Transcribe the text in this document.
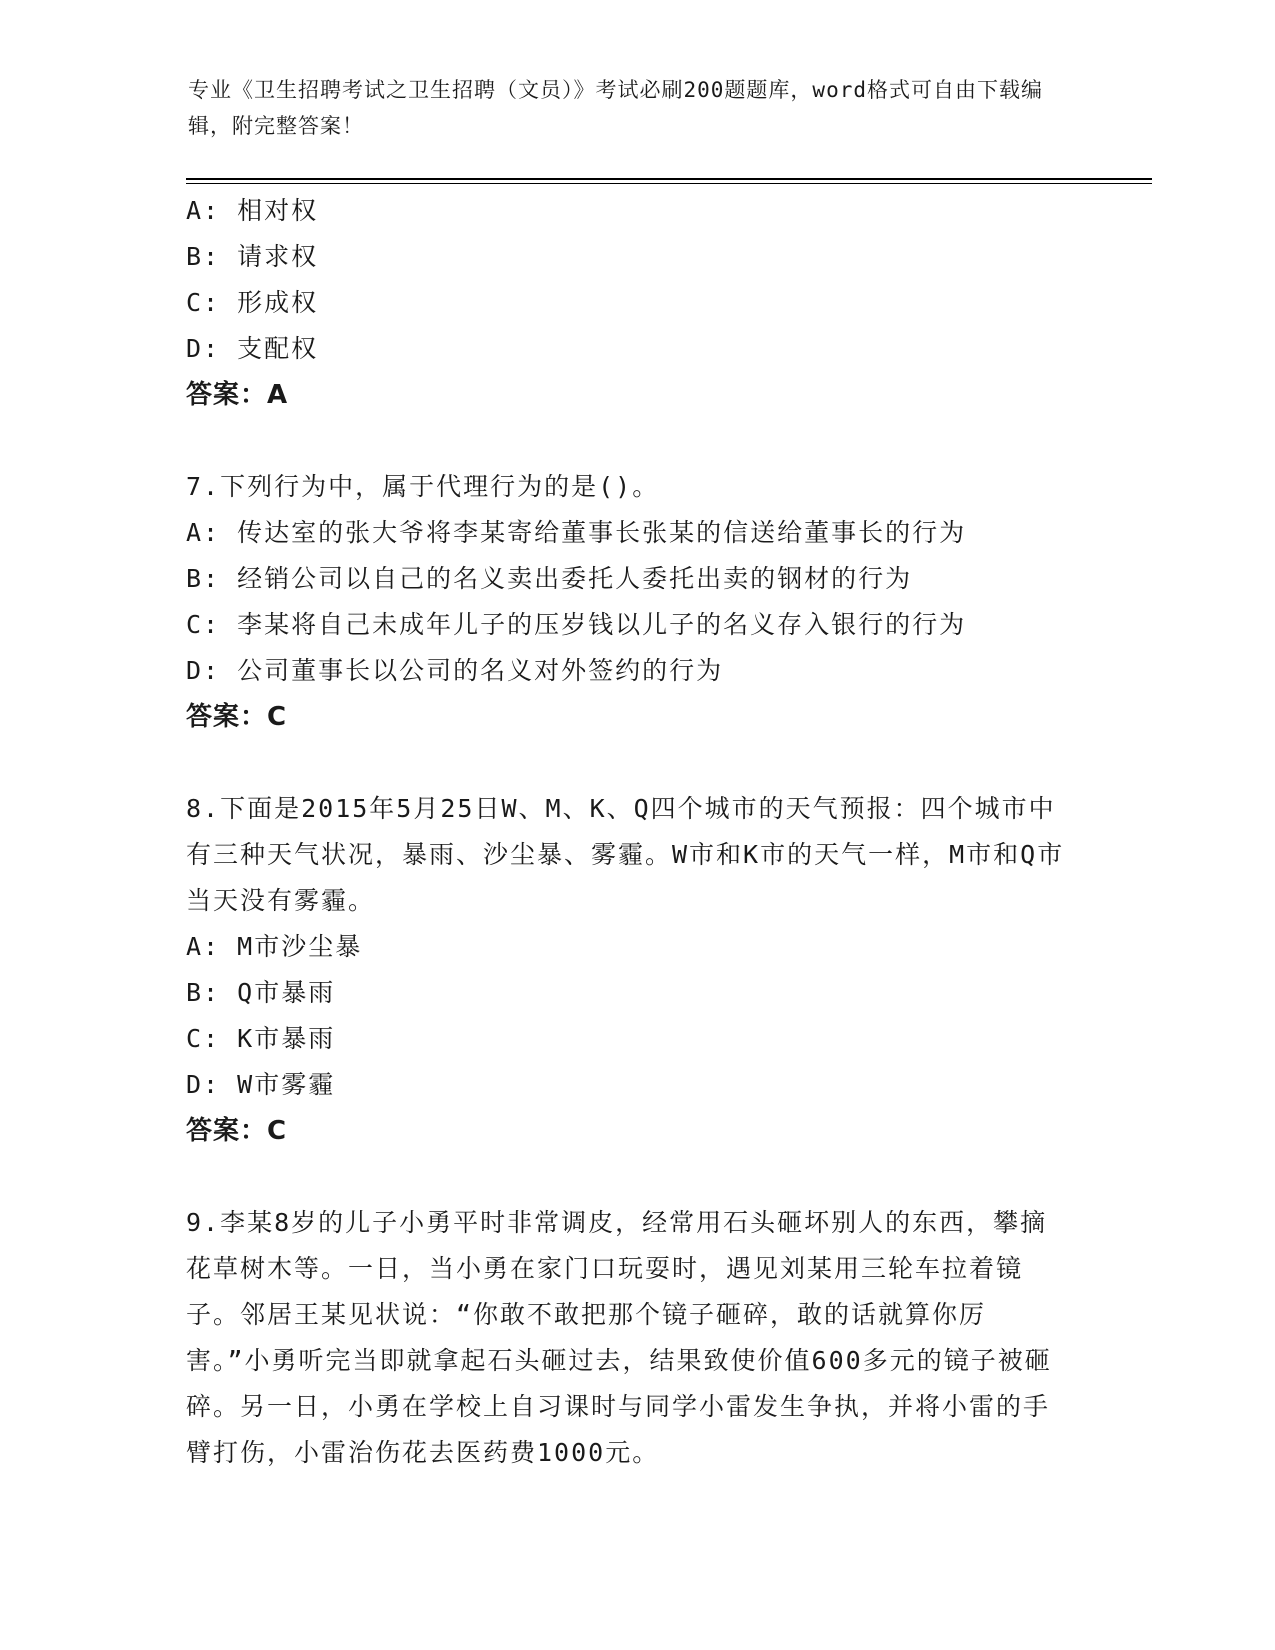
专业《卫生招聘考试之卫生招聘（文员）》考试必刷200题题库，word格式可自由下载编辑，附完整答案！
A: 相对权
B: 请求权
C: 形成权
D: 支配权
答案：A
7.下列行为中，属于代理行为的是()。
A: 传达室的张大爷将李某寄给董事长张某的信送给董事长的行为
B: 经销公司以自己的名义卖出委托人委托出卖的钢材的行为
C: 李某将自己未成年儿子的压岁钱以儿子的名义存入银行的行为
D: 公司董事长以公司的名义对外签约的行为
答案：C
8.下面是2015年5月25日W、M、K、Q四个城市的天气预报：四个城市中有三种天气状况，暴雨、沙尘暴、雾霾。W市和K市的天气一样，M市和Q市当天没有雾霾。
A: M市沙尘暴
B: Q市暴雨
C: K市暴雨
D: W市雾霾
答案：C
9.李某8岁的儿子小勇平时非常调皮，经常用石头砸坏别人的东西，攀摘花草树木等。一日，当小勇在家门口玩耍时，遇见刘某用三轮车拉着镜子。邻居王某见状说：“你敢不敢把那个镜子砸碎，敢的话就算你厉害。”小勇听完当即就拿起石头砸过去，结果致使价值600多元的镜子被砸碎。另一日，小勇在学校上自习课时与同学小雷发生争执，并将小雷的手臂打伤，小雷治伤花去医药费1000元。
